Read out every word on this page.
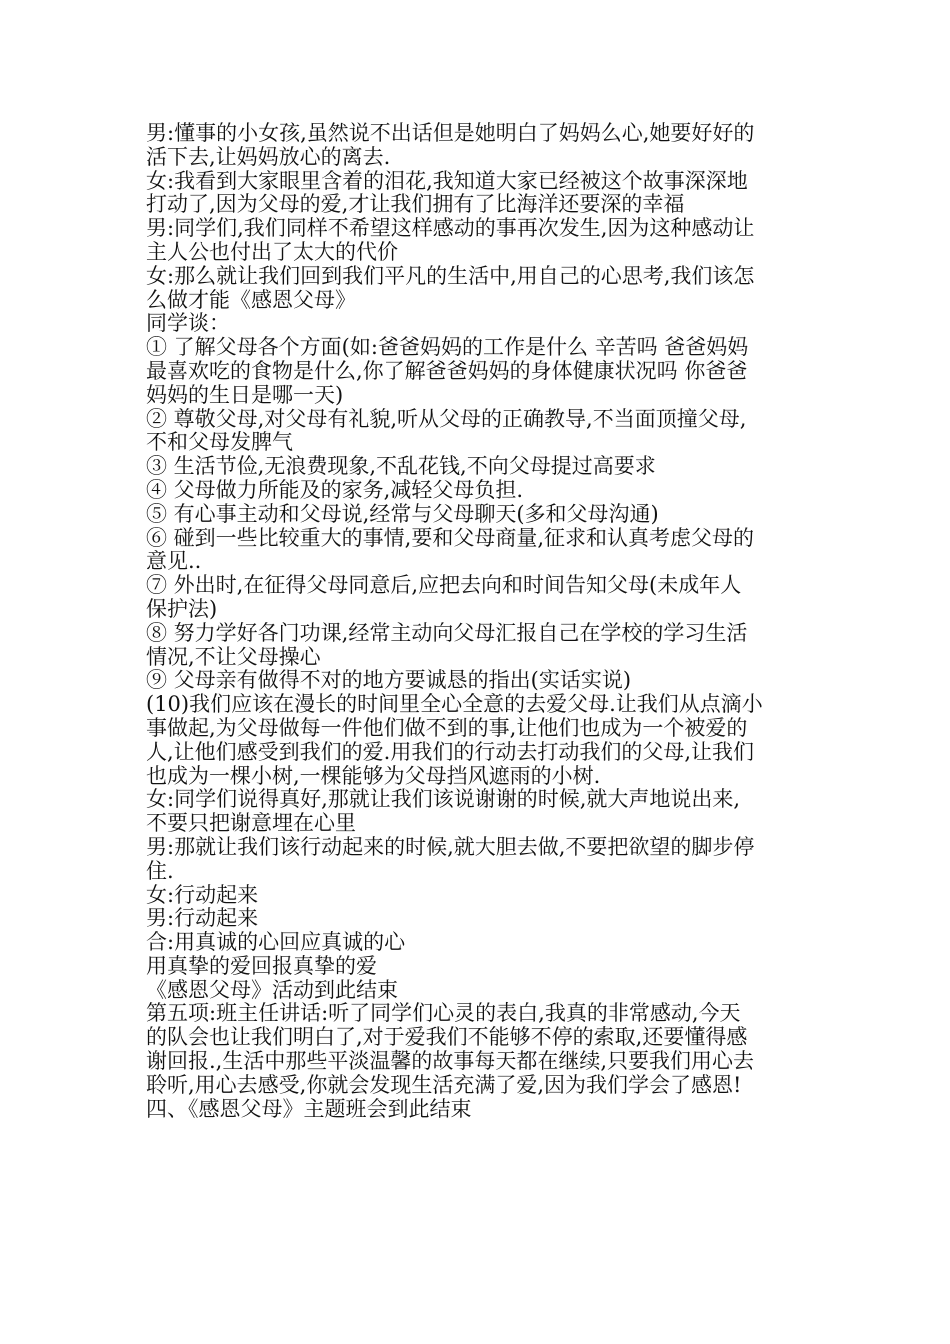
男:懂事的小女孩,虽然说不出话但是她明白了妈妈么心,她要好好的
活下去,让妈妈放心的离去.
女:我看到大家眼里含着的泪花,我知道大家已经被这个故事深深地
打动了,因为父母的爱,才让我们拥有了比海洋还要深的幸福
男:同学们,我们同样不希望这样感动的事再次发生,因为这种感动让
主人公也付出了太大的代价
女:那么就让我们回到我们平凡的生活中,用自己的心思考,我们该怎
么做才能《感恩父母》
同学谈：
① 了解父母各个方面(如:爸爸妈妈的工作是什么 辛苦吗 爸爸妈妈
最喜欢吃的食物是什么,你了解爸爸妈妈的身体健康状况吗 你爸爸
妈妈的生日是哪一天)
② 尊敬父母,对父母有礼貌,听从父母的正确教导,不当面顶撞父母,
不和父母发脾气
③ 生活节俭,无浪费现象,不乱花钱,不向父母提过高要求
④ 父母做力所能及的家务,减轻父母负担.
⑤ 有心事主动和父母说,经常与父母聊天(多和父母沟通)
⑥ 碰到一些比较重大的事情,要和父母商量,征求和认真考虑父母的
意见..
⑦ 外出时,在征得父母同意后,应把去向和时间告知父母(未成年人
保护法)
⑧ 努力学好各门功课,经常主动向父母汇报自己在学校的学习生活
情况,不让父母操心
⑨ 父母亲有做得不对的地方要诚恳的指出(实话实说)
(10)我们应该在漫长的时间里全心全意的去爱父母.让我们从点滴小
事做起,为父母做每一件他们做不到的事,让他们也成为一个被爱的
人,让他们感受到我们的爱.用我们的行动去打动我们的父母,让我们
也成为一棵小树,一棵能够为父母挡风遮雨的小树.
女:同学们说得真好,那就让我们该说谢谢的时候,就大声地说出来,
不要只把谢意埋在心里
男:那就让我们该行动起来的时候,就大胆去做,不要把欲望的脚步停
住.
女:行动起来
男:行动起来
合:用真诚的心回应真诚的心
用真挚的爱回报真挚的爱
《感恩父母》活动到此结束
第五项:班主任讲话:听了同学们心灵的表白,我真的非常感动,今天
的队会也让我们明白了,对于爱我们不能够不停的索取,还要懂得感
谢回报.,生活中那些平淡温馨的故事每天都在继续,只要我们用心去
聆听,用心去感受,你就会发现生活充满了爱,因为我们学会了感恩!
四、《感恩父母》主题班会到此结束
